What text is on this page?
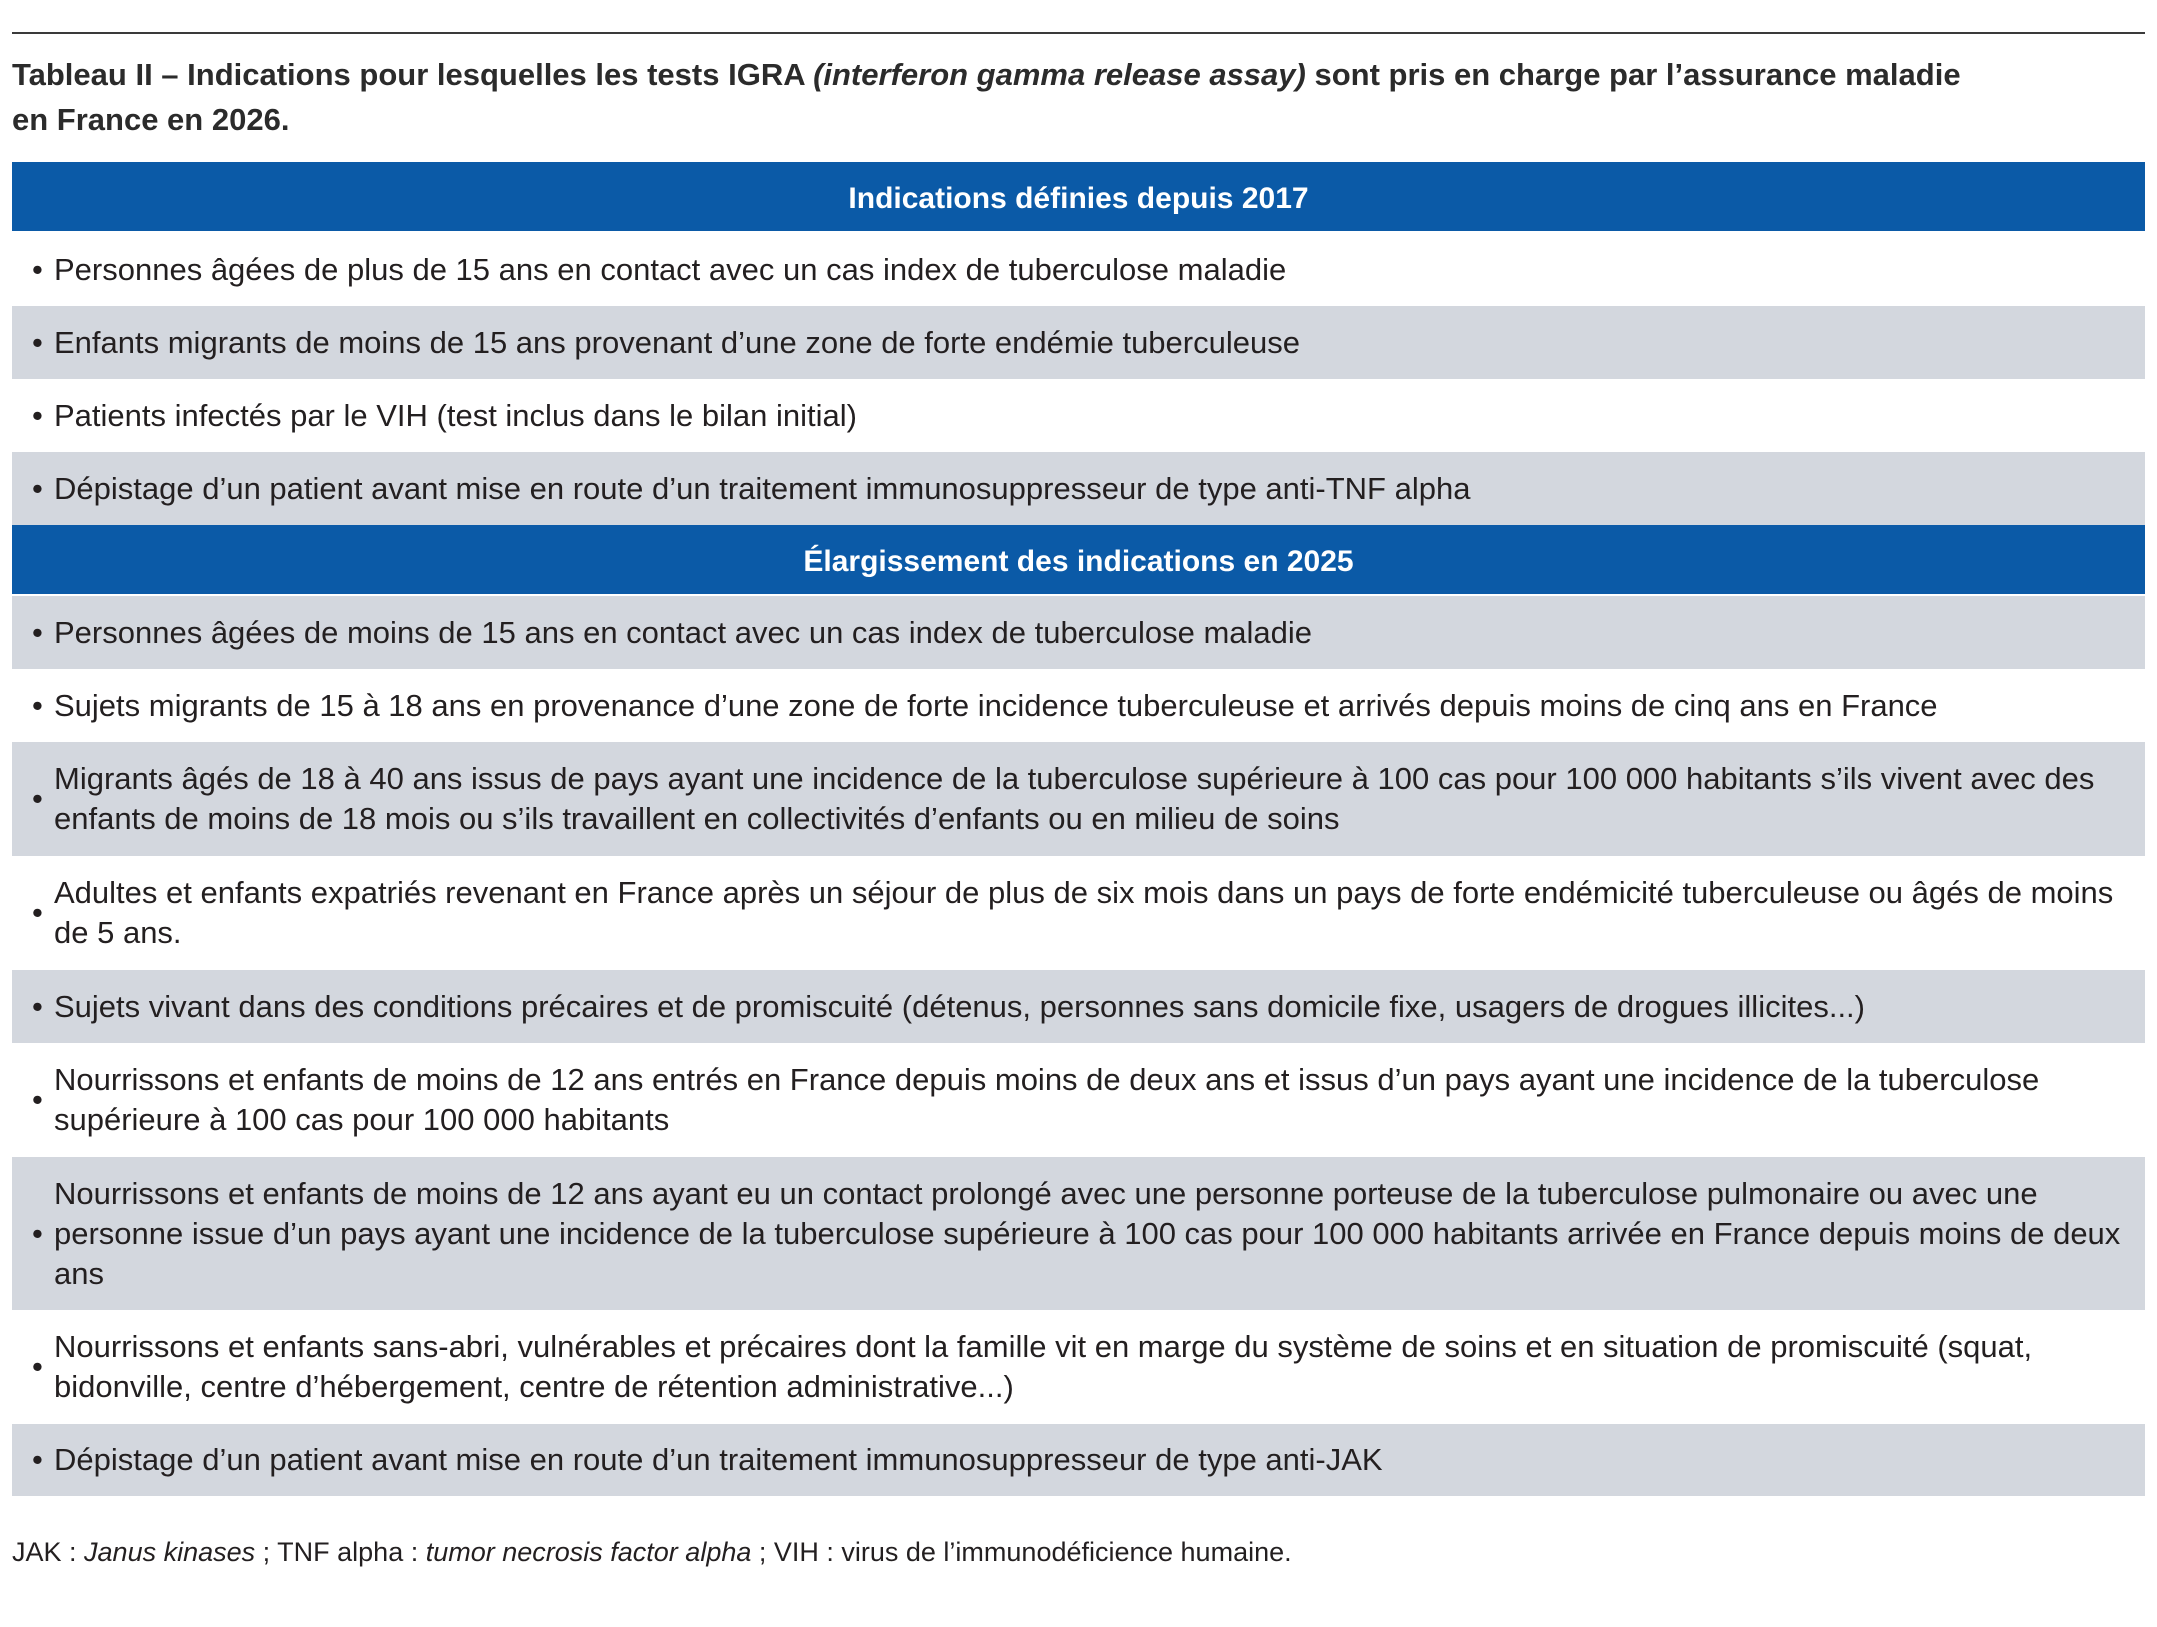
Tableau II – Indications pour lesquelles les tests IGRA (interferon gamma release assay) sont pris en charge par l’assurance maladie
en France en 2026.

Indications définies depuis 2017
• Personnes âgées de plus de 15 ans en contact avec un cas index de tuberculose maladie
• Enfants migrants de moins de 15 ans provenant d’une zone de forte endémie tuberculeuse
• Patients infectés par le VIH (test inclus dans le bilan initial)
• Dépistage d’un patient avant mise en route d’un traitement immunosuppresseur de type anti-TNF alpha
Élargissement des indications en 2025
• Personnes âgées de moins de 15 ans en contact avec un cas index de tuberculose maladie
• Sujets migrants de 15 à 18 ans en provenance d’une zone de forte incidence tuberculeuse et arrivés depuis moins de cinq ans en France
•
Migrants âgés de 18 à 40 ans issus de pays ayant une incidence de la tuberculose supérieure à 100 cas pour 100 000 habitants s’ils vivent avec des enfants de moins de 18 mois ou s’ils travaillent en collectivités d’enfants ou en milieu de soins
•
Adultes et enfants expatriés revenant en France après un séjour de plus de six mois dans un pays de forte endémicité tuberculeuse ou âgés de moins de 5 ans.
• Sujets vivant dans des conditions précaires et de promiscuité (détenus, personnes sans domicile fixe, usagers de drogues illicites...)
•
Nourrissons et enfants de moins de 12 ans entrés en France depuis moins de deux ans et issus d’un pays ayant une incidence de la tuberculose supérieure à 100 cas pour 100 000 habitants
•
Nourrissons et enfants de moins de 12 ans ayant eu un contact prolongé avec une personne porteuse de la tuberculose pulmonaire ou avec une personne issue d’un pays ayant une incidence de la tuberculose supérieure à 100 cas pour 100 000 habitants arrivée en France depuis moins de deux ans
•
Nourrissons et enfants sans-abri, vulnérables et précaires dont la famille vit en marge du système de soins et en situation de promiscuité (squat, bidonville, centre d’hébergement, centre de rétention administrative...)
• Dépistage d’un patient avant mise en route d’un traitement immunosuppresseur de type anti-JAK
JAK : Janus kinases ; TNF alpha : tumor necrosis factor alpha ; VIH : virus de l’immunodéficience humaine.
